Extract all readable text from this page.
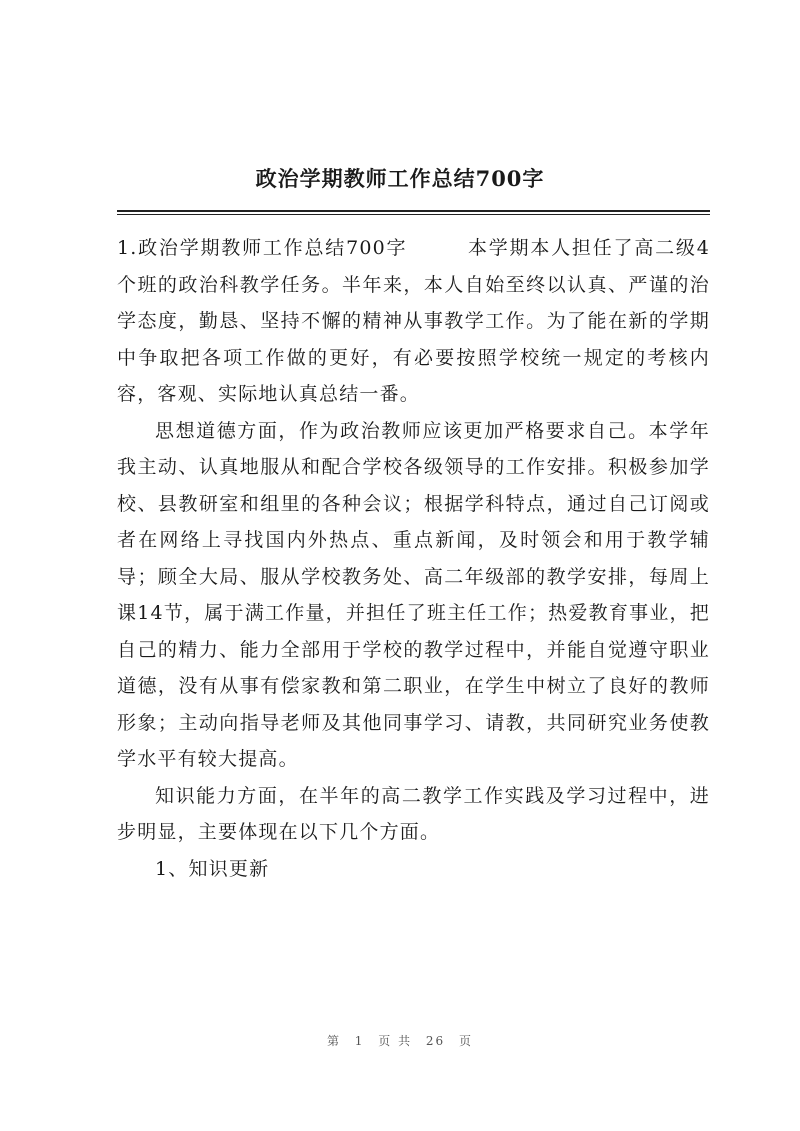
政治学期教师工作总结700字

1.政治学期教师工作总结700字	本学期本人担任了高二级4个班的政治科教学任务。半年来，本人自始至终以认真、严谨的治学态度，勤恳、坚持不懈的精神从事教学工作。为了能在新的学期中争取把各项工作做的更好，有必要按照学校统一规定的考核内容，客观、实际地认真总结一番。

思想道德方面，作为政治教师应该更加严格要求自己。本学年我主动、认真地服从和配合学校各级领导的工作安排。积极参加学校、县教研室和组里的各种会议；根据学科特点，通过自己订阅或者在网络上寻找国内外热点、重点新闻，及时领会和用于教学辅导；顾全大局、服从学校教务处、高二年级部的教学安排，每周上课14节，属于满工作量，并担任了班主任工作；热爱教育事业，把自己的精力、能力全部用于学校的教学过程中，并能自觉遵守职业道德，没有从事有偿家教和第二职业，在学生中树立了良好的教师形象；主动向指导老师及其他同事学习、请教，共同研究业务使教学水平有较大提高。

知识能力方面，在半年的高二教学工作实践及学习过程中，进步明显，主要体现在以下几个方面。

1、知识更新

第 1 页 共 26 页
